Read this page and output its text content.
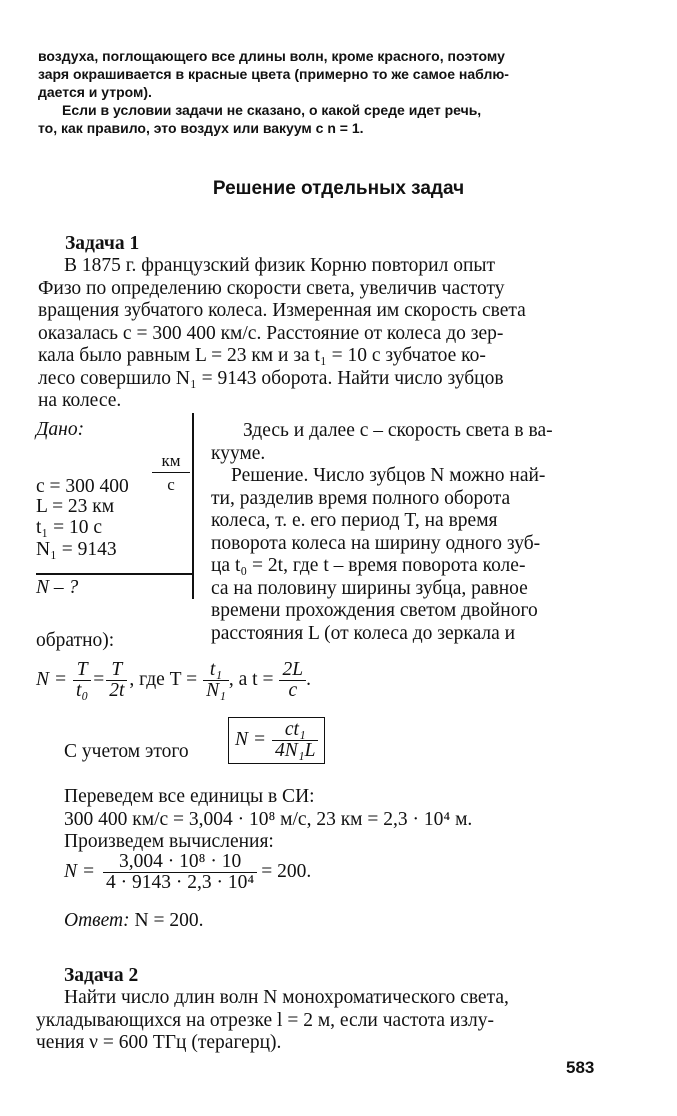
воздуха, поглощающего все длины волн, кроме красного, поэтому
заря окрашивается в красные цвета (примерно то же самое наблю-
дается и утром).
Если в условии задачи не сказано, о какой среде идет речь,
то, как правило, это воздух или вакуум с n = 1.
Решение отдельных задач
Задача 1
В 1875 г. французский физик Корню повторил опыт
Физо по определению скорости света, увеличив частоту
вращения зубчатого колеса. Измеренная им скорость света
оказалась c = 300 400 км/с. Расстояние от колеса до зер-
кала было равным L = 23 км и за t₁ = 10 с зубчатое ко-
лесо совершило N₁ = 9143 оборота. Найти число зубцов
на колесе.
Дано:
c = 300 400
км
с
L = 23 км
t₁ = 10 с
N₁ = 9143
N – ?
Здесь и далее c – скорость света в ва-
кууме.
Решение. Число зубцов N можно най-
ти, разделив время полного оборота
колеса, т. е. его период T, на время
поворота колеса на ширину одного зуб-
ца t₀ = 2t, где t – время поворота коле-
са на половину ширины зубца, равное
времени прохождения светом двойного
расстояния L (от колеса до зеркала и
обратно):
$N = \frac{T}{\text{t₀}} = \frac{T}{2t}$ , где $T = \frac{\text{t₁}}{\text{N₁}}$ , а $t = \frac{2L}{c}$ .
С учетом этого
$N = \frac{\text{ct₁}}{\text{4N₁L}}$
Переведем все единицы в СИ:
300 400 км/с = 3,004 · 10⁸ м/с, 23 км = 2,3 · 10⁴ м.
Произведем вычисления:
$N = \frac{\text{3,004 · 10⁸ · 10}}{\text{4 · 9143 · 2,3 · 10⁴}} = 200$.
Ответ: N = 200.
Задача 2
Найти число длин волн N монохроматического света,
укладывающихся на отрезке l = 2 м, если частота излу-
чения ν = 600 ТГц (терагерц).
583
